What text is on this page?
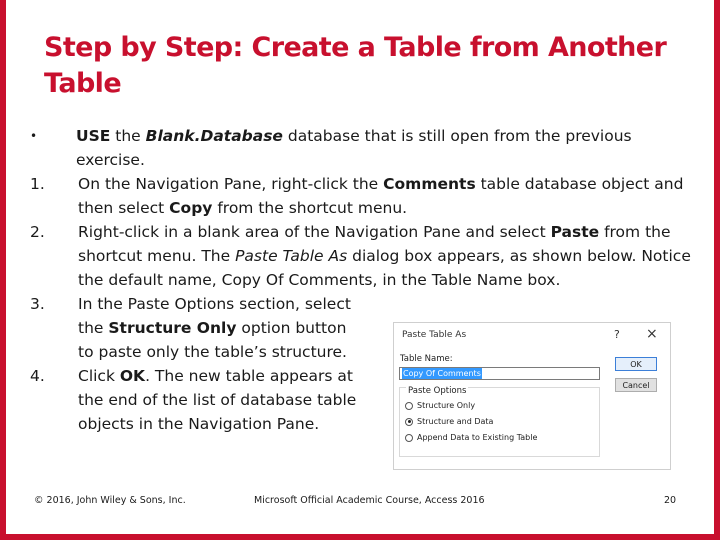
Step by Step: Create a Table from Another Table
•	USE the Blank.Database database that is still open from the previous exercise.
1.	On the Navigation Pane, right-click the Comments table database object and then select Copy from the shortcut menu.
2.	Right-click in a blank area of the Navigation Pane and select Paste from the shortcut menu. The Paste Table As dialog box appears, as shown below. Notice the default name, Copy Of Comments, in the Table Name box.
3.	In the Paste Options section, select
the Structure Only option button
to paste only the table’s structure.
4.	Click OK. The new table appears at
the end of the list of database table
objects in the Navigation Pane.
Paste Table As	? ×
Table Name:
Copy Of Comments
OK
Cancel
Paste Options
Structure Only
Structure and Data
Append Data to Existing Table
© 2016, John Wiley & Sons, Inc.	Microsoft Official Academic Course, Access 2016	20
